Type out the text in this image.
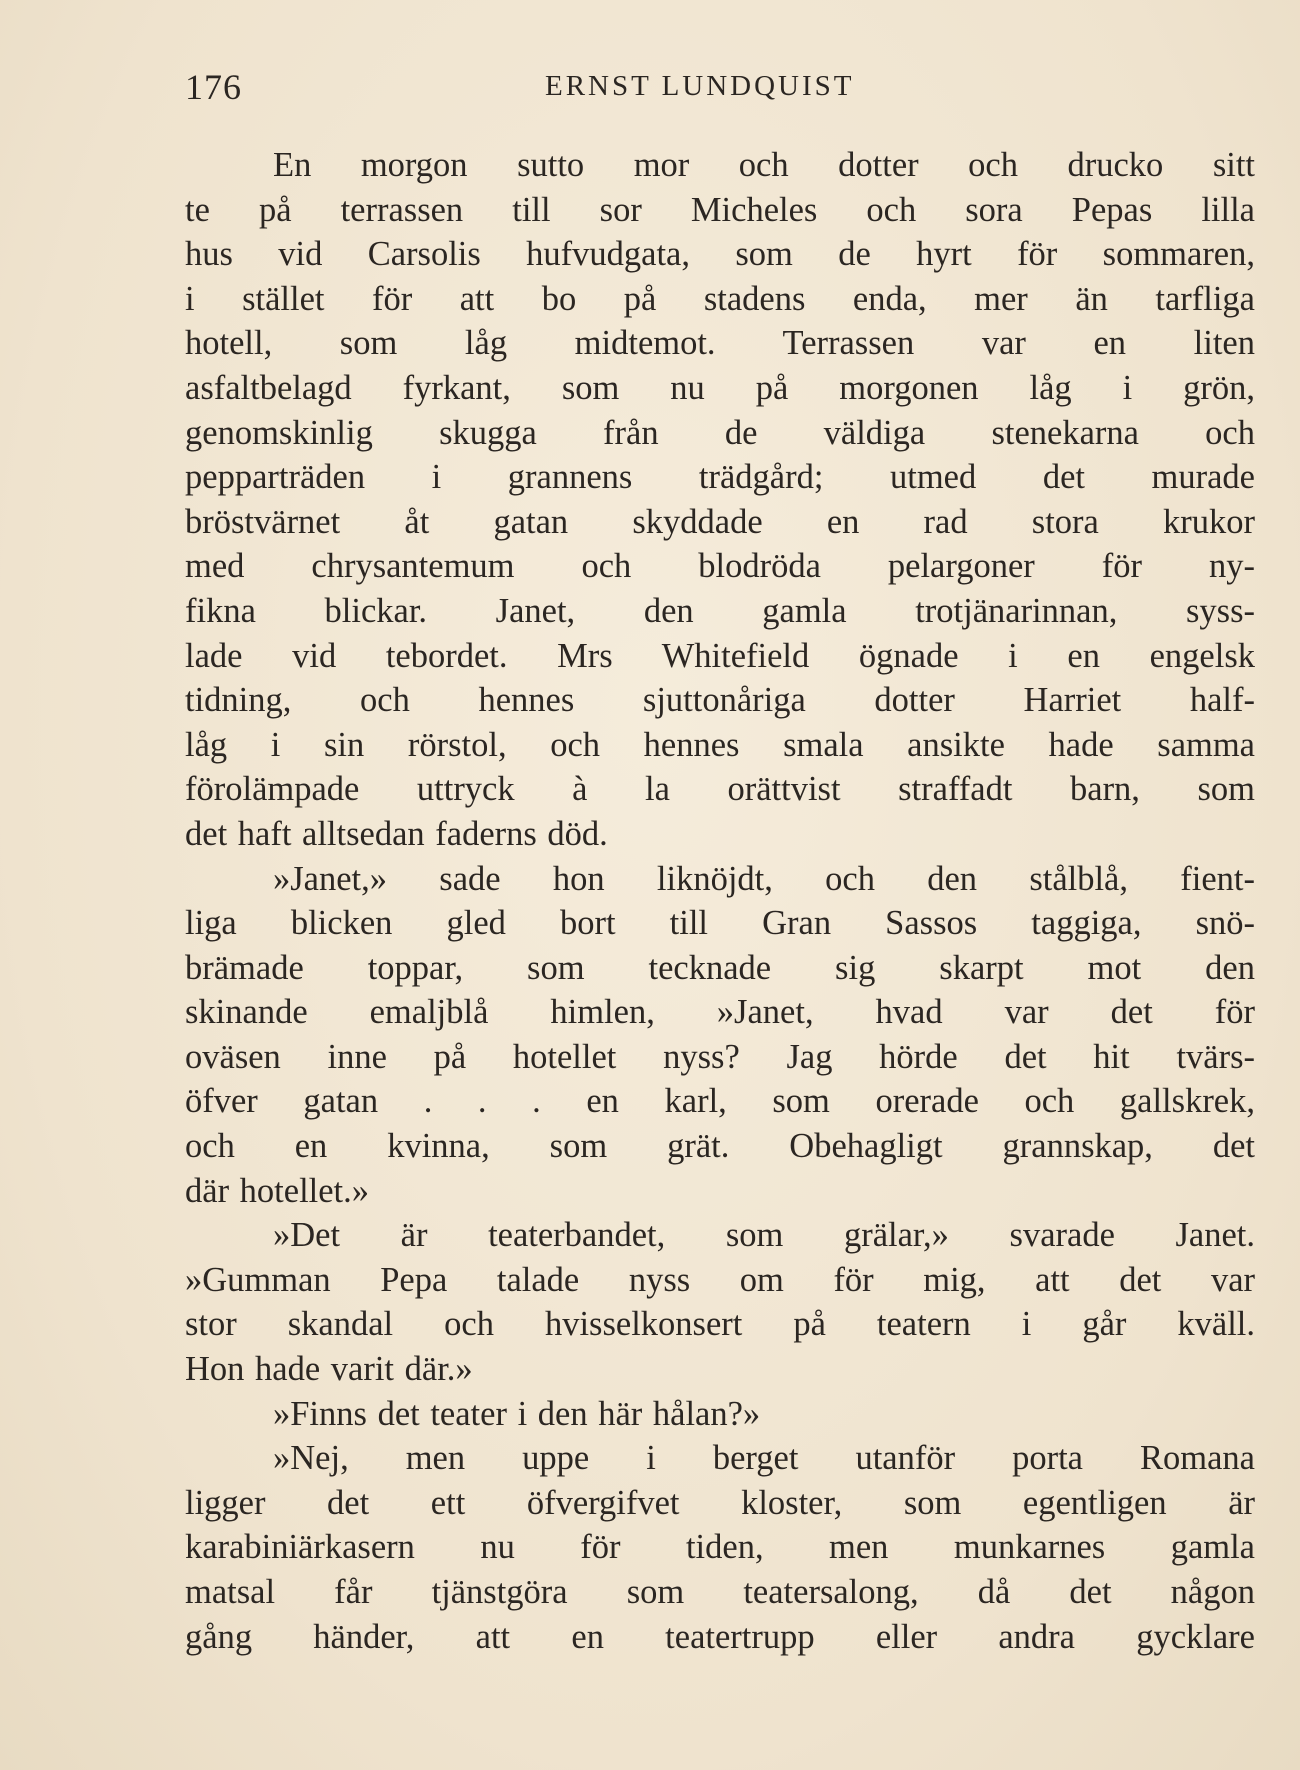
176	ERNST LUNDQUIST
En morgon sutto mor och dotter och drucko sitt
te på terrassen till sor Micheles och sora Pepas lilla
hus vid Carsolis hufvudgata, som de hyrt för sommaren,
i stället för att bo på stadens enda, mer än tarfliga
hotell, som låg midtemot. Terrassen var en liten
asfaltbelagd fyrkant, som nu på morgonen låg i grön,
genomskinlig skugga från de väldiga stenekarna och
pepparträden i grannens trädgård; utmed det murade
bröstvärnet åt gatan skyddade en rad stora krukor
med chrysantemum och blodröda pelargoner för ny-
fikna blickar. Janet, den gamla trotjänarinnan, syss-
lade vid tebordet. Mrs Whitefield ögnade i en engelsk
tidning, och hennes sjuttonåriga dotter Harriet half-
låg i sin rörstol, och hennes smala ansikte hade samma
förolämpade uttryck à la orättvist straffadt barn, som
det haft alltsedan faderns död.
»Janet,» sade hon liknöjdt, och den stålblå, fient-
liga blicken gled bort till Gran Sassos taggiga, snö-
brämade toppar, som tecknade sig skarpt mot den
skinande emaljblå himlen, »Janet, hvad var det för
oväsen inne på hotellet nyss? Jag hörde det hit tvärs-
öfver gatan . . . en karl, som orerade och gallskrek,
och en kvinna, som grät. Obehagligt grannskap, det
där hotellet.»
»Det är teaterbandet, som grälar,» svarade Janet.
»Gumman Pepa talade nyss om för mig, att det var
stor skandal och hvisselkonsert på teatern i går kväll.
Hon hade varit där.»
»Finns det teater i den här hålan?»
»Nej, men uppe i berget utanför porta Romana
ligger det ett öfvergifvet kloster, som egentligen är
karabiniärkasern nu för tiden, men munkarnes gamla
matsal får tjänstgöra som teatersalong, då det någon
gång händer, att en teatertrupp eller andra gycklare
